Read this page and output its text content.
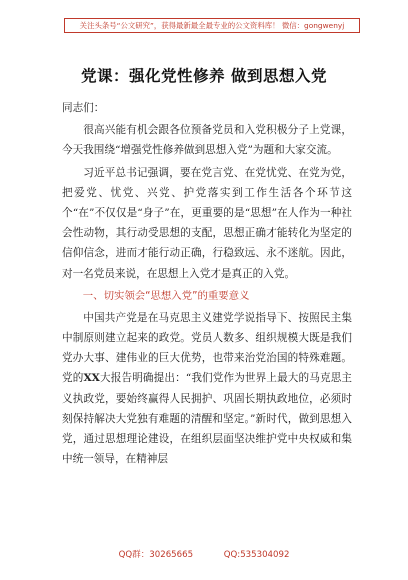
关注头条号“公文研究”，获得最新最全最专业的公文资料库！ 微信：gongwenyj
党课：强化党性修养 做到思想入党

同志们：

很高兴能有机会跟各位预备党员和入党积极分子上党课，今天我围绕“增强党性修养做到思想入党”为题和大家交流。

习近平总书记强调，要在党言党、在党忧党、在党为党，把爱党、忧党、兴党、护党落实到工作生活各个环节这个“在”不仅仅是“身子”在，更重要的是“思想”在人作为一种社会性动物，其行动受思想的支配，思想正确才能转化为坚定的信仰信念，进而才能行动正确，行稳致远、永不迷航。因此，对一名党员来说，在思想上入党才是真正的入党。

一、切实领会“思想入党”的重要意义

中国共产党是在马克思主义建党学说指导下、按照民主集中制原则建立起来的政党。党员人数多、组织规模大既是我们党办大事、建伟业的巨大优势，也带来治党治国的特殊难题。党的XX大报告明确提出：“我们党作为世界上最大的马克思主义执政党，要始终赢得人民拥护、巩固长期执政地位，必须时刻保持解决大党独有难题的清醒和坚定。”新时代，做到思想入党，通过思想理论建设，在组织层面坚决维护党中央权威和集中统一领导，在精神层

QQ群：30265665	QQ:535304092
